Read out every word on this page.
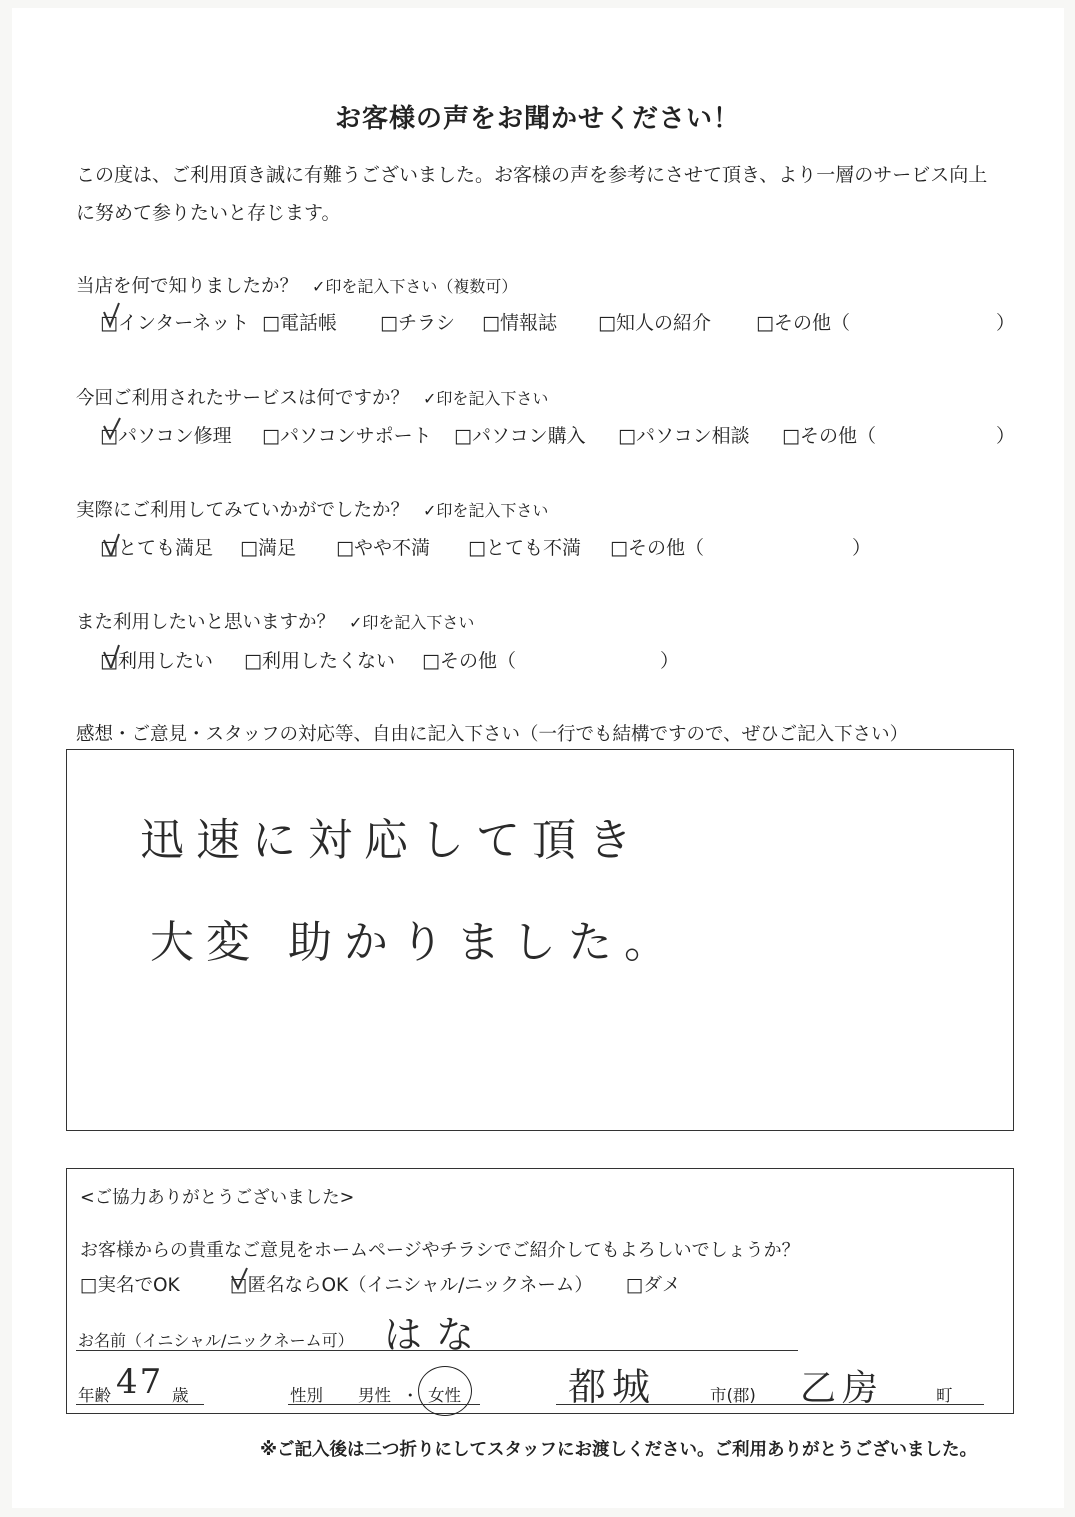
お客様の声をお聞かせください！
この度は、ご利用頂き誠に有難うございました。お客様の声を参考にさせて頂き、より一層のサービス向上に努めて参りたいと存じます。
当店を何で知りましたか？ ✓印を記入下さい（複数可）
□インターネット □電話帳 □チラシ □情報誌 □知人の紹介 □その他（	）
今回ご利用されたサービスは何ですか？ ✓印を記入下さい
□パソコン修理 □パソコンサポート □パソコン購入 □パソコン相談 □その他（	）
実際にご利用してみていかがでしたか？ ✓印を記入下さい
□とても満足 □満足 □やや不満 □とても不満 □その他（	）
また利用したいと思いますか？ ✓印を記入下さい
□利用したい □利用したくない □その他（	）
感想・ご意見・スタッフの対応等、自由に記入下さい（一行でも結構ですので、ぜひご記入下さい）
迅速に対応して頂き
大変 助かりました。
<ご協力ありがとうございました>
お客様からの貴重なご意見をホームページやチラシでご紹介してもよろしいでしょうか？
□実名でOK	□匿名ならOK（イニシャル/ニックネーム） □ダメ
お名前（イニシャル/ニックネーム可） はな
年齢 47 歳	性別 男性 ・ 女性	都城	市(郡) 乙房	町
※ご記入後は二つ折りにしてスタッフにお渡しください。ご利用ありがとうございました。
